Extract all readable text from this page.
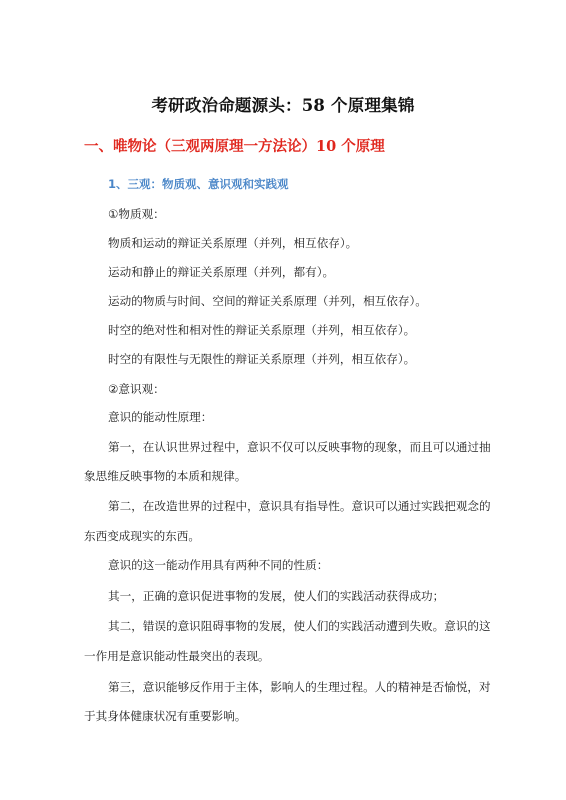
考研政治命题源头：58 个原理集锦
一、唯物论（三观两原理一方法论）10 个原理
1、三观：物质观、意识观和实践观
①物质观：
物质和运动的辩证关系原理（并列，相互依存）。
运动和静止的辩证关系原理（并列，都有）。
运动的物质与时间、空间的辩证关系原理（并列，相互依存）。
时空的绝对性和相对性的辩证关系原理（并列，相互依存）。
时空的有限性与无限性的辩证关系原理（并列，相互依存）。
②意识观：
意识的能动性原理：
第一，在认识世界过程中，意识不仅可以反映事物的现象，而且可以通过抽
象思维反映事物的本质和规律。
第二，在改造世界的过程中，意识具有指导性。意识可以通过实践把观念的
东西变成现实的东西。
意识的这一能动作用具有两种不同的性质：
其一，正确的意识促进事物的发展，使人们的实践活动获得成功；
其二，错误的意识阻碍事物的发展，使人们的实践活动遭到失败。意识的这
一作用是意识能动性最突出的表现。
第三，意识能够反作用于主体，影响人的生理过程。人的精神是否愉悦，对
于其身体健康状况有重要影响。
